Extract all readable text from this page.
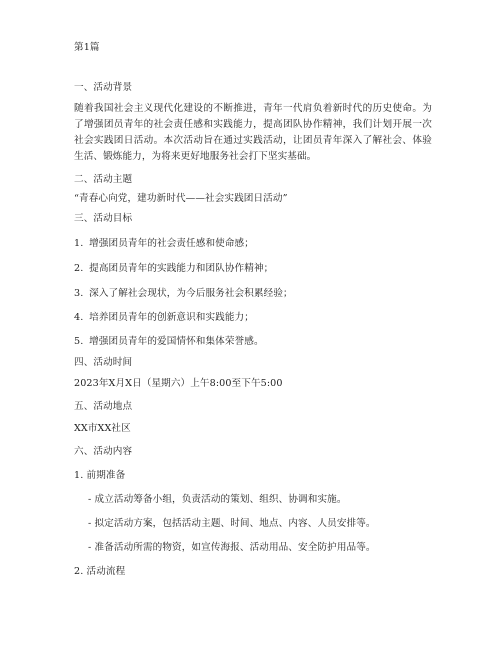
第1篇
一、活动背景
随着我国社会主义现代化建设的不断推进，青年一代肩负着新时代的历史使命。为了增强团员青年的社会责任感和实践能力，提高团队协作精神，我们计划开展一次社会实践团日活动。本次活动旨在通过实践活动，让团员青年深入了解社会、体验生活、锻炼能力，为将来更好地服务社会打下坚实基础。
二、活动主题
“青春心向党，建功新时代——社会实践团日活动”
三、活动目标
1. 增强团员青年的社会责任感和使命感；
2. 提高团员青年的实践能力和团队协作精神；
3. 深入了解社会现状，为今后服务社会积累经验；
4. 培养团员青年的创新意识和实践能力；
5. 增强团员青年的爱国情怀和集体荣誉感。
四、活动时间
2023年X月X日（星期六）上午8:00至下午5:00
五、活动地点
XX市XX社区
六、活动内容
1. 前期准备
- 成立活动筹备小组，负责活动的策划、组织、协调和实施。
- 拟定活动方案，包括活动主题、时间、地点、内容、人员安排等。
- 准备活动所需的物资，如宣传海报、活动用品、安全防护用品等。
2. 活动流程
